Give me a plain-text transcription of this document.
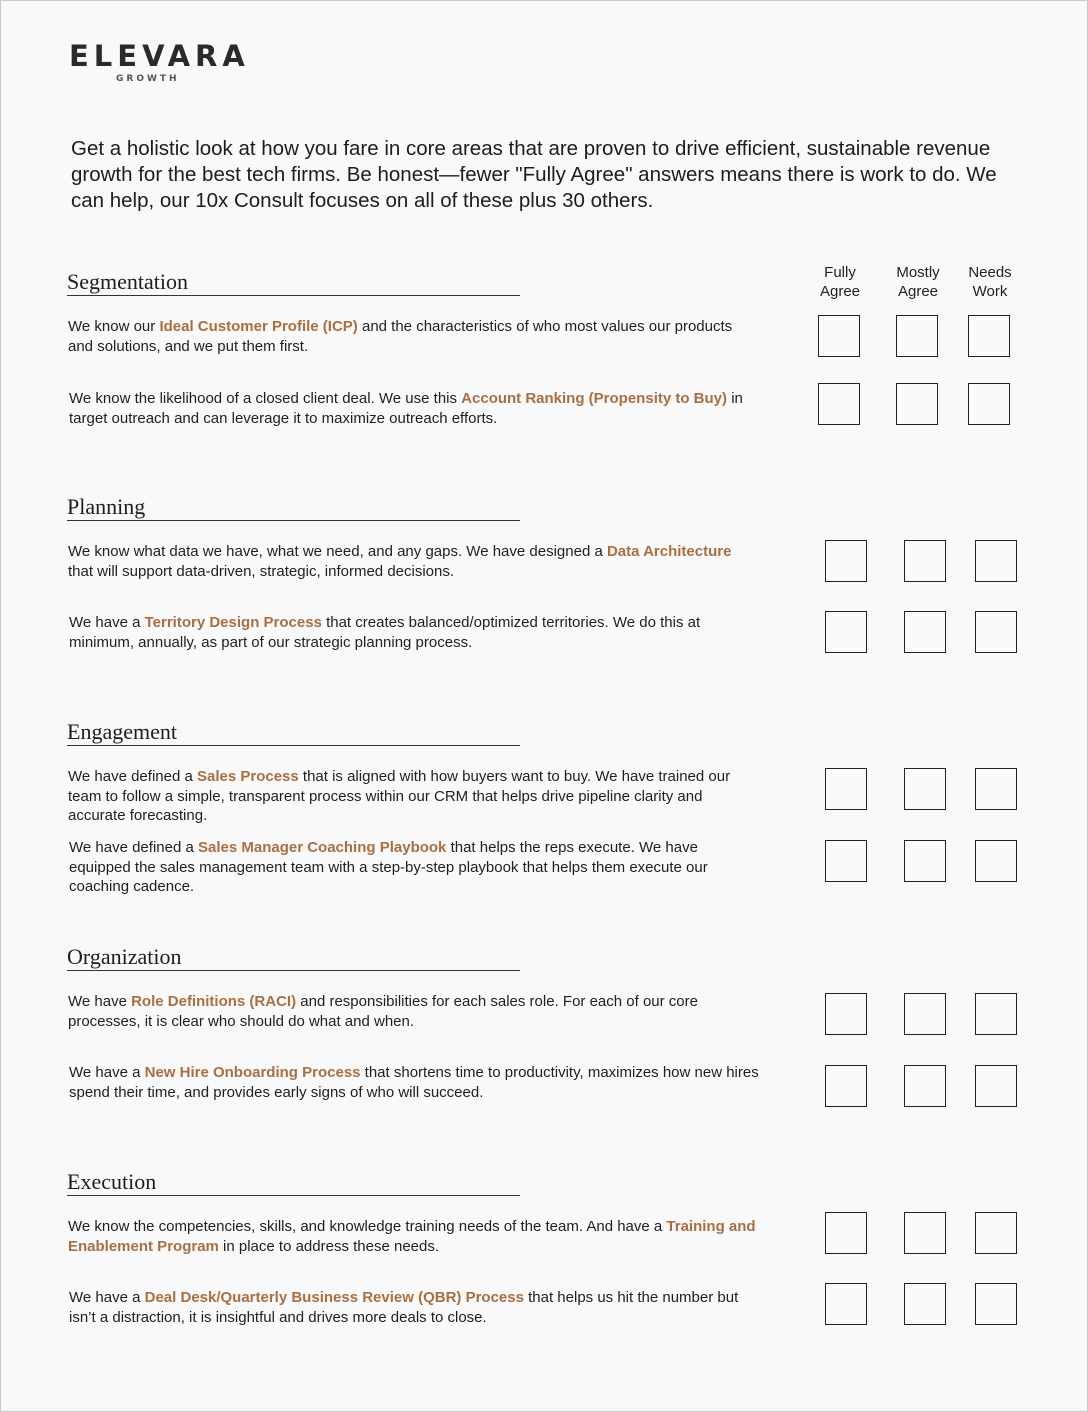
ELEVARA
GROWTH
Get a holistic look at how you fare in core areas that are proven to drive efficient, sustainable revenue growth for the best tech firms. Be honest—fewer "Fully Agree" answers means there is work to do. We can help, our 10x Consult focuses on all of these plus 30 others.
Fully
Agree
Mostly
Agree
Needs
Work
Segmentation
We know our Ideal Customer Profile (ICP) and the characteristics of who most values our products and solutions, and we put them first.
We know the likelihood of a closed client deal. We use this Account Ranking (Propensity to Buy) in target outreach and can leverage it to maximize outreach efforts.
Planning
We know what data we have, what we need, and any gaps. We have designed a Data Architecture that will support data-driven, strategic, informed decisions.
We have a Territory Design Process that creates balanced/optimized territories. We do this at minimum, annually, as part of our strategic planning process.
Engagement
We have defined a Sales Process that is aligned with how buyers want to buy. We have trained our team to follow a simple, transparent process within our CRM that helps drive pipeline clarity and accurate forecasting.
We have defined a Sales Manager Coaching Playbook that helps the reps execute. We have equipped the sales management team with a step-by-step playbook that helps them execute our coaching cadence.
Organization
We have Role Definitions (RACI) and responsibilities for each sales role. For each of our core processes, it is clear who should do what and when.
We have a New Hire Onboarding Process that shortens time to productivity, maximizes how new hires spend their time, and provides early signs of who will succeed.
Execution
We know the competencies, skills, and knowledge training needs of the team. And have a Training and Enablement Program in place to address these needs.
We have a Deal Desk/Quarterly Business Review (QBR) Process that helps us hit the number but isn’t a distraction, it is insightful and drives more deals to close.
